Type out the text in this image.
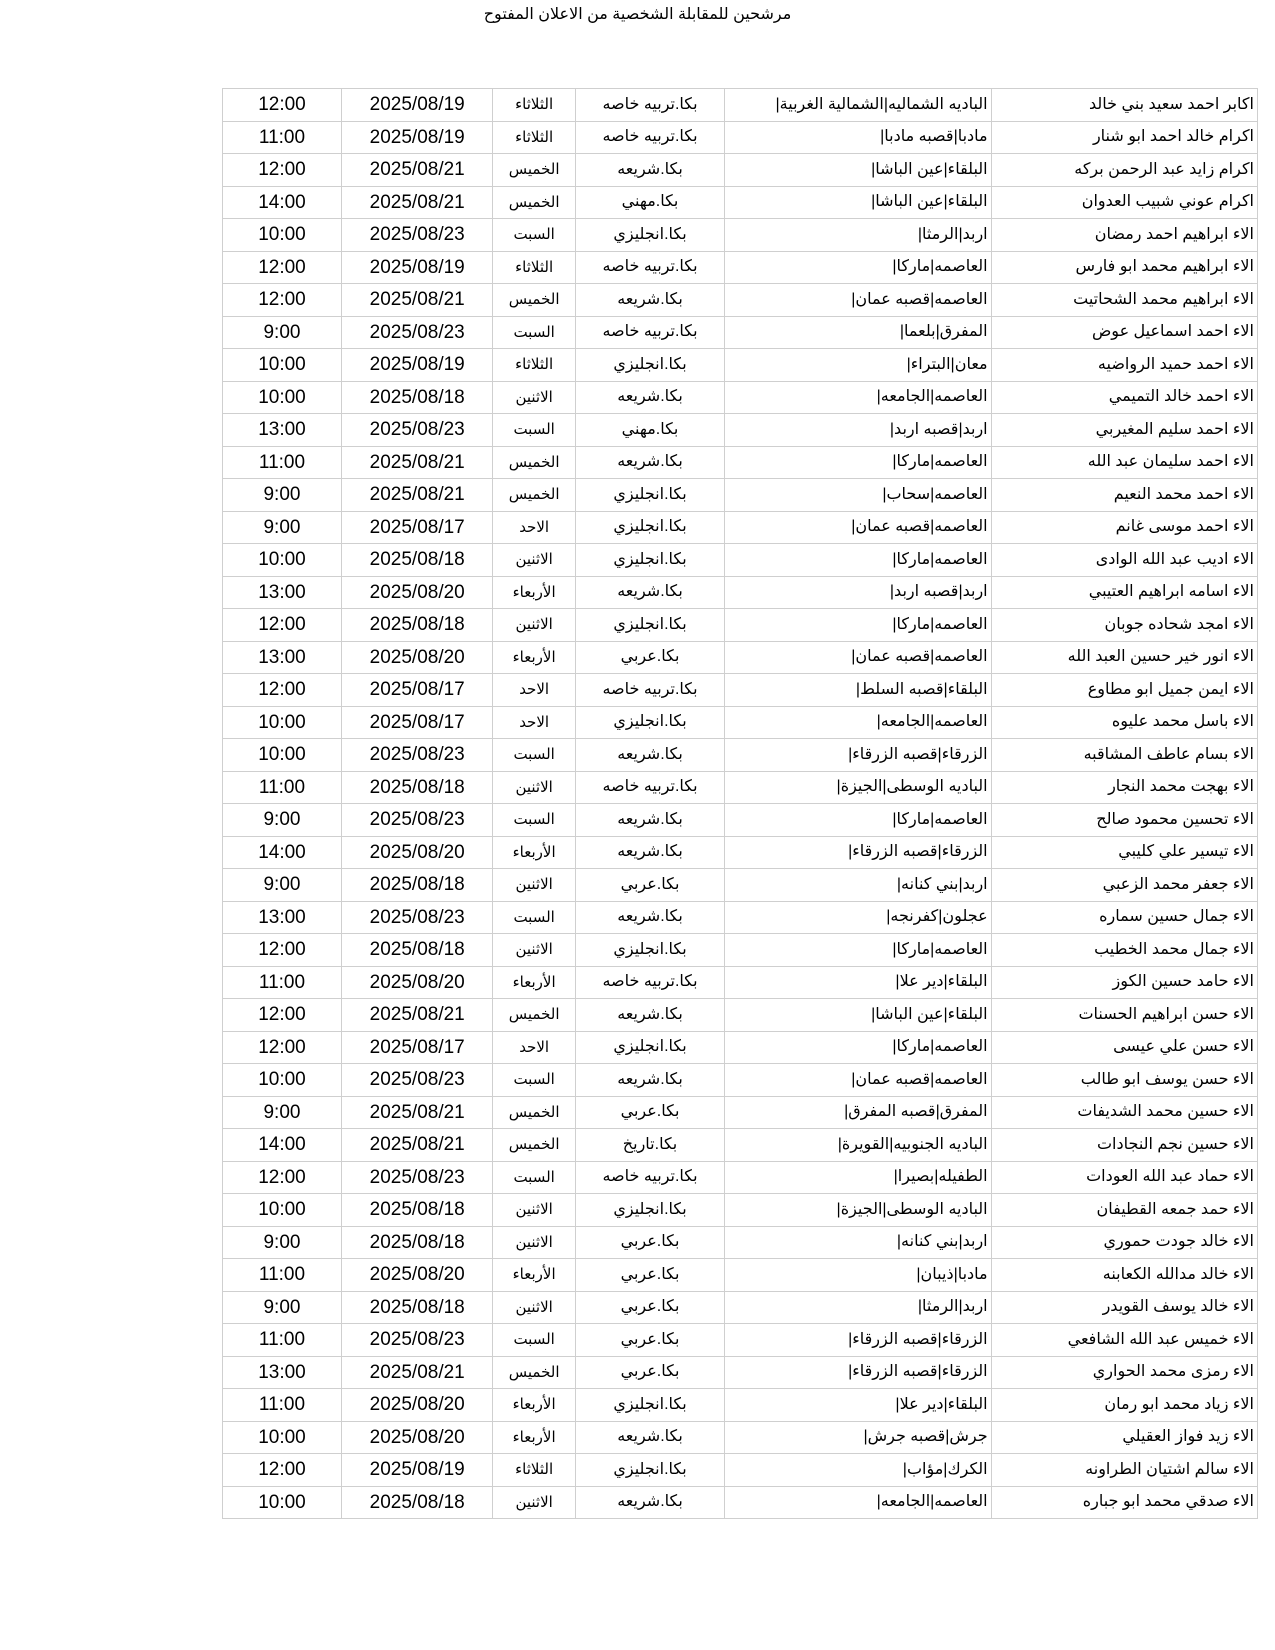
مرشحين للمقابلة الشخصية من الاعلان المفتوح
اكابر احمد سعيد بني خالد	الباديه الشماليه|الشمالية الغربية|	بكا.تربيه خاصه	الثلاثاء	2025/08/19	12:00
اكرام خالد احمد ابو شنار	مادبا|قصبه مادبا|	بكا.تربيه خاصه	الثلاثاء	2025/08/19	11:00
اكرام زايد عبد الرحمن بركه	البلقاء|عين الباشا|	بكا.شريعه	الخميس	2025/08/21	12:00
اكرام عوني شبيب العدوان	البلقاء|عين الباشا|	بكا.مهني	الخميس	2025/08/21	14:00
الاء ابراهيم احمد رمضان	اربد|الرمثا|	بكا.انجليزي	السبت	2025/08/23	10:00
الاء ابراهيم محمد ابو فارس	العاصمه|ماركا|	بكا.تربيه خاصه	الثلاثاء	2025/08/19	12:00
الاء ابراهيم محمد الشحاتيت	العاصمه|قصبه عمان|	بكا.شريعه	الخميس	2025/08/21	12:00
الاء احمد اسماعيل عوض	المفرق|بلعما|	بكا.تربيه خاصه	السبت	2025/08/23	9:00
الاء احمد حميد الرواضيه	معان|البتراء|	بكا.انجليزي	الثلاثاء	2025/08/19	10:00
الاء احمد خالد التميمي	العاصمه|الجامعه|	بكا.شريعه	الاثنين	2025/08/18	10:00
الاء احمد سليم المغيربي	اربد|قصبه اربد|	بكا.مهني	السبت	2025/08/23	13:00
الاء احمد سليمان عبد الله	العاصمه|ماركا|	بكا.شريعه	الخميس	2025/08/21	11:00
الاء احمد محمد النعيم	العاصمه|سحاب|	بكا.انجليزي	الخميس	2025/08/21	9:00
الاء احمد موسى غانم	العاصمه|قصبه عمان|	بكا.انجليزي	الاحد	2025/08/17	9:00
الاء اديب عبد الله الوادى	العاصمه|ماركا|	بكا.انجليزي	الاثنين	2025/08/18	10:00
الاء اسامه ابراهيم العتيبي	اربد|قصبه اربد|	بكا.شريعه	الأربعاء	2025/08/20	13:00
الاء امجد شحاده جوبان	العاصمه|ماركا|	بكا.انجليزي	الاثنين	2025/08/18	12:00
الاء انور خير حسين العبد الله	العاصمه|قصبه عمان|	بكا.عربي	الأربعاء	2025/08/20	13:00
الاء ايمن جميل ابو مطاوع	البلقاء|قصبه السلط|	بكا.تربيه خاصه	الاحد	2025/08/17	12:00
الاء باسل محمد عليوه	العاصمه|الجامعه|	بكا.انجليزي	الاحد	2025/08/17	10:00
الاء بسام عاطف المشاقبه	الزرقاء|قصبه الزرقاء|	بكا.شريعه	السبت	2025/08/23	10:00
الاء بهجت محمد النجار	الباديه الوسطى|الجيزة|	بكا.تربيه خاصه	الاثنين	2025/08/18	11:00
الاء تحسين محمود صالح	العاصمه|ماركا|	بكا.شريعه	السبت	2025/08/23	9:00
الاء تيسير علي كليبي	الزرقاء|قصبه الزرقاء|	بكا.شريعه	الأربعاء	2025/08/20	14:00
الاء جعفر محمد الزعبي	اربد|بني كنانه|	بكا.عربي	الاثنين	2025/08/18	9:00
الاء جمال حسين سماره	عجلون|كفرنجه|	بكا.شريعه	السبت	2025/08/23	13:00
الاء جمال محمد الخطيب	العاصمه|ماركا|	بكا.انجليزي	الاثنين	2025/08/18	12:00
الاء حامد حسين الكوز	البلقاء|دير علا|	بكا.تربيه خاصه	الأربعاء	2025/08/20	11:00
الاء حسن ابراهيم الحسنات	البلقاء|عين الباشا|	بكا.شريعه	الخميس	2025/08/21	12:00
الاء حسن علي عيسى	العاصمه|ماركا|	بكا.انجليزي	الاحد	2025/08/17	12:00
الاء حسن يوسف ابو طالب	العاصمه|قصبه عمان|	بكا.شريعه	السبت	2025/08/23	10:00
الاء حسين محمد الشديفات	المفرق|قصبه المفرق|	بكا.عربي	الخميس	2025/08/21	9:00
الاء حسين نجم النجادات	الباديه الجنوبيه|القويرة|	بكا.تاريخ	الخميس	2025/08/21	14:00
الاء حماد عبد الله العودات	الطفيله|بصيرا|	بكا.تربيه خاصه	السبت	2025/08/23	12:00
الاء حمد جمعه القطيفان	الباديه الوسطى|الجيزة|	بكا.انجليزي	الاثنين	2025/08/18	10:00
الاء خالد جودت حموري	اربد|بني كنانه|	بكا.عربي	الاثنين	2025/08/18	9:00
الاء خالد مدالله الكعابنه	مادبا|ذيبان|	بكا.عربي	الأربعاء	2025/08/20	11:00
الاء خالد يوسف القويدر	اربد|الرمثا|	بكا.عربي	الاثنين	2025/08/18	9:00
الاء خميس عبد الله الشافعي	الزرقاء|قصبه الزرقاء|	بكا.عربي	السبت	2025/08/23	11:00
الاء رمزى محمد الحواري	الزرقاء|قصبه الزرقاء|	بكا.عربي	الخميس	2025/08/21	13:00
الاء زياد محمد ابو رمان	البلقاء|دير علا|	بكا.انجليزي	الأربعاء	2025/08/20	11:00
الاء زيد فواز العقيلي	جرش|قصبه جرش|	بكا.شريعه	الأربعاء	2025/08/20	10:00
الاء سالم اشتيان الطراونه	الكرك|مؤاب|	بكا.انجليزي	الثلاثاء	2025/08/19	12:00
الاء صدقي محمد ابو جباره	العاصمه|الجامعه|	بكا.شريعه	الاثنين	2025/08/18	10:00
